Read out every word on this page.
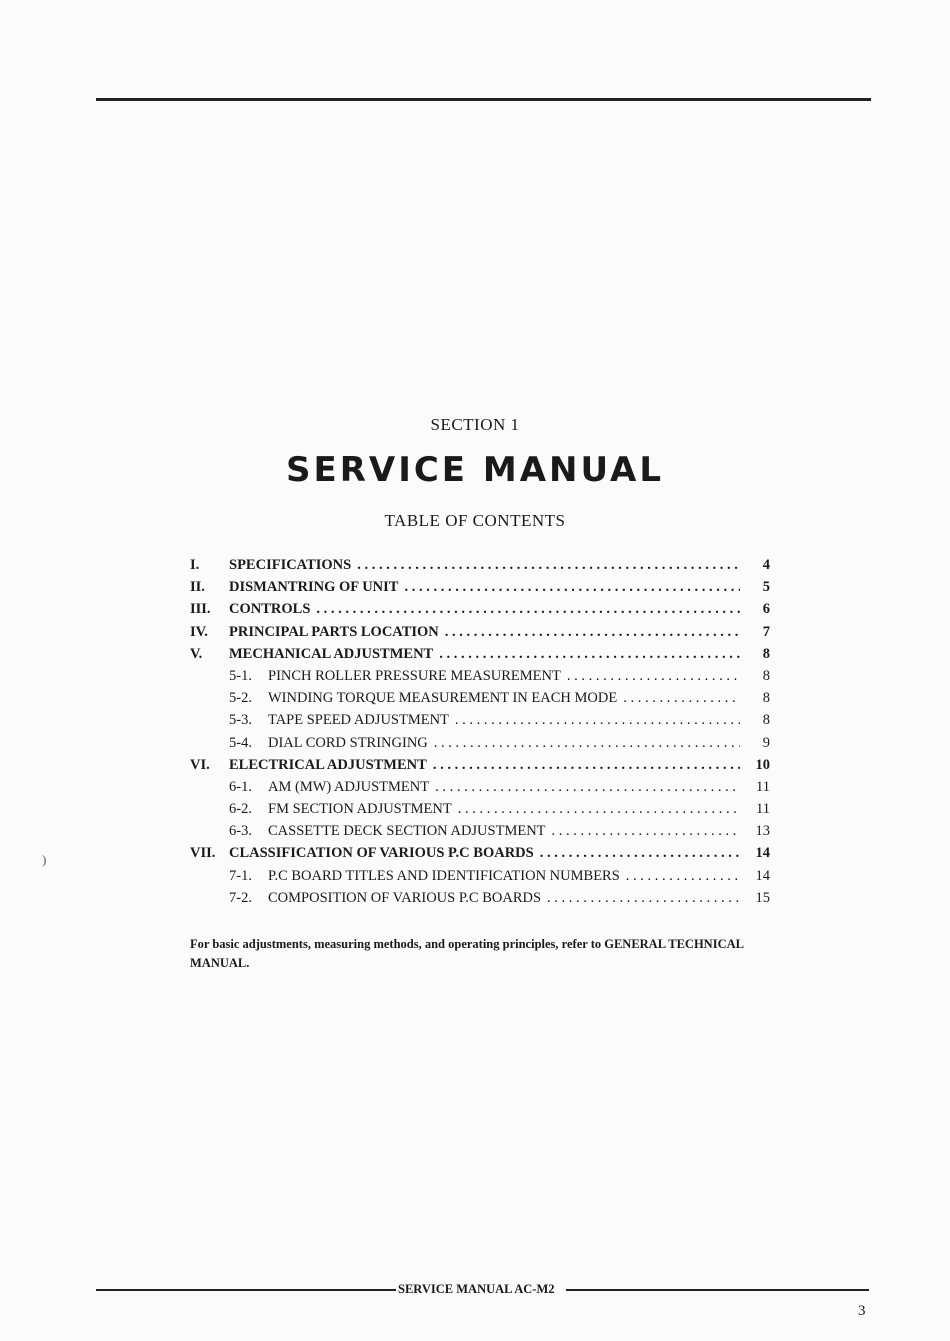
SECTION 1
SERVICE MANUAL
TABLE OF CONTENTS
I.	SPECIFICATIONS . . .	4
II.	DISMANTRING OF UNIT . . .	5
III.	CONTROLS . . .	6
IV.	PRINCIPAL PARTS LOCATION . . .	7
V.	MECHANICAL ADJUSTMENT . . .	8
5-1.	PINCH ROLLER PRESSURE MEASUREMENT . . .	8
5-2.	WINDING TORQUE MEASUREMENT IN EACH MODE . . .	8
5-3.	TAPE SPEED ADJUSTMENT . . .	8
5-4.	DIAL CORD STRINGING . . .	9
VI.	ELECTRICAL ADJUSTMENT . . .	10
6-1.	AM (MW) ADJUSTMENT . . .	11
6-2.	FM SECTION ADJUSTMENT . . .	11
6-3.	CASSETTE DECK SECTION ADJUSTMENT . . .	13
VII. CLASSIFICATION OF VARIOUS P.C BOARDS . . .	14
7-1.	P.C BOARD TITLES AND IDENTIFICATION NUMBERS . . .	14
7-2.	COMPOSITION OF VARIOUS P.C BOARDS . . .	15
For basic adjustments, measuring methods, and operating principles, refer to GENERAL TECHNICAL MANUAL.
)
SERVICE MANUAL AC-M2
3
